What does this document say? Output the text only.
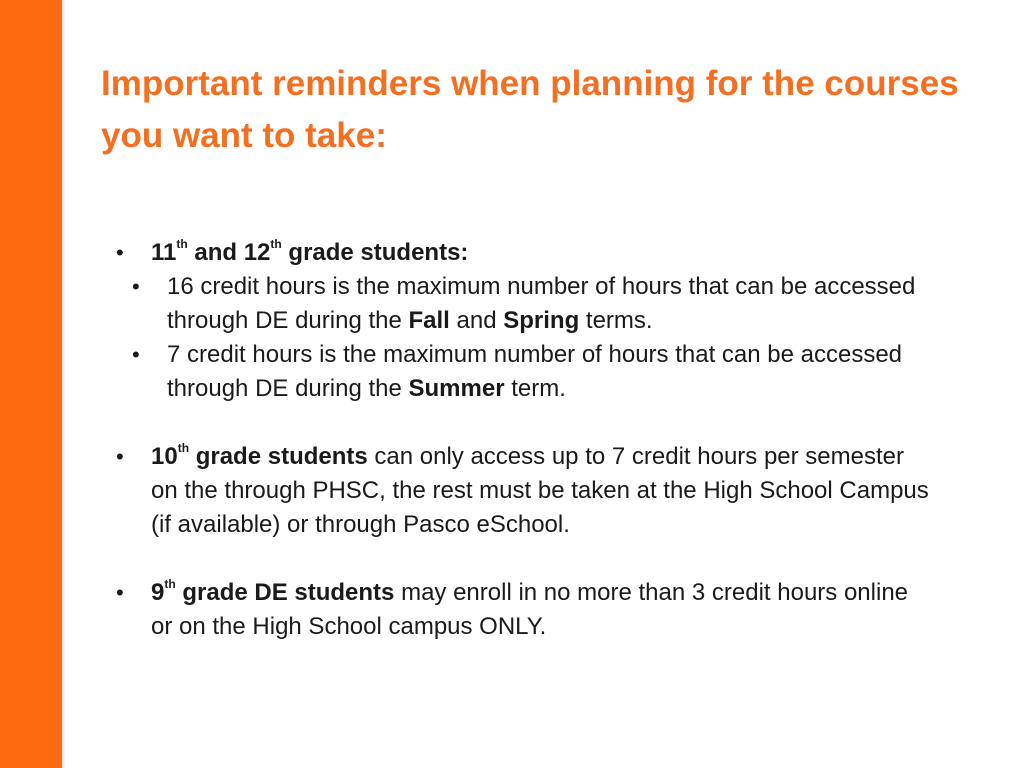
Important reminders when planning for the courses you want to take:
•	11th and 12th grade students:
• 16 credit hours is the maximum number of hours that can be accessed through DE during the Fall and Spring terms.
• 7 credit hours is the maximum number of hours that can be accessed through DE during the Summer term.
•	10th grade students can only access up to 7 credit hours per semester on the through PHSC, the rest must be taken at the High School Campus (if available) or through Pasco eSchool.
•	9th grade DE students may enroll in no more than 3 credit hours online or on the High School campus ONLY.
